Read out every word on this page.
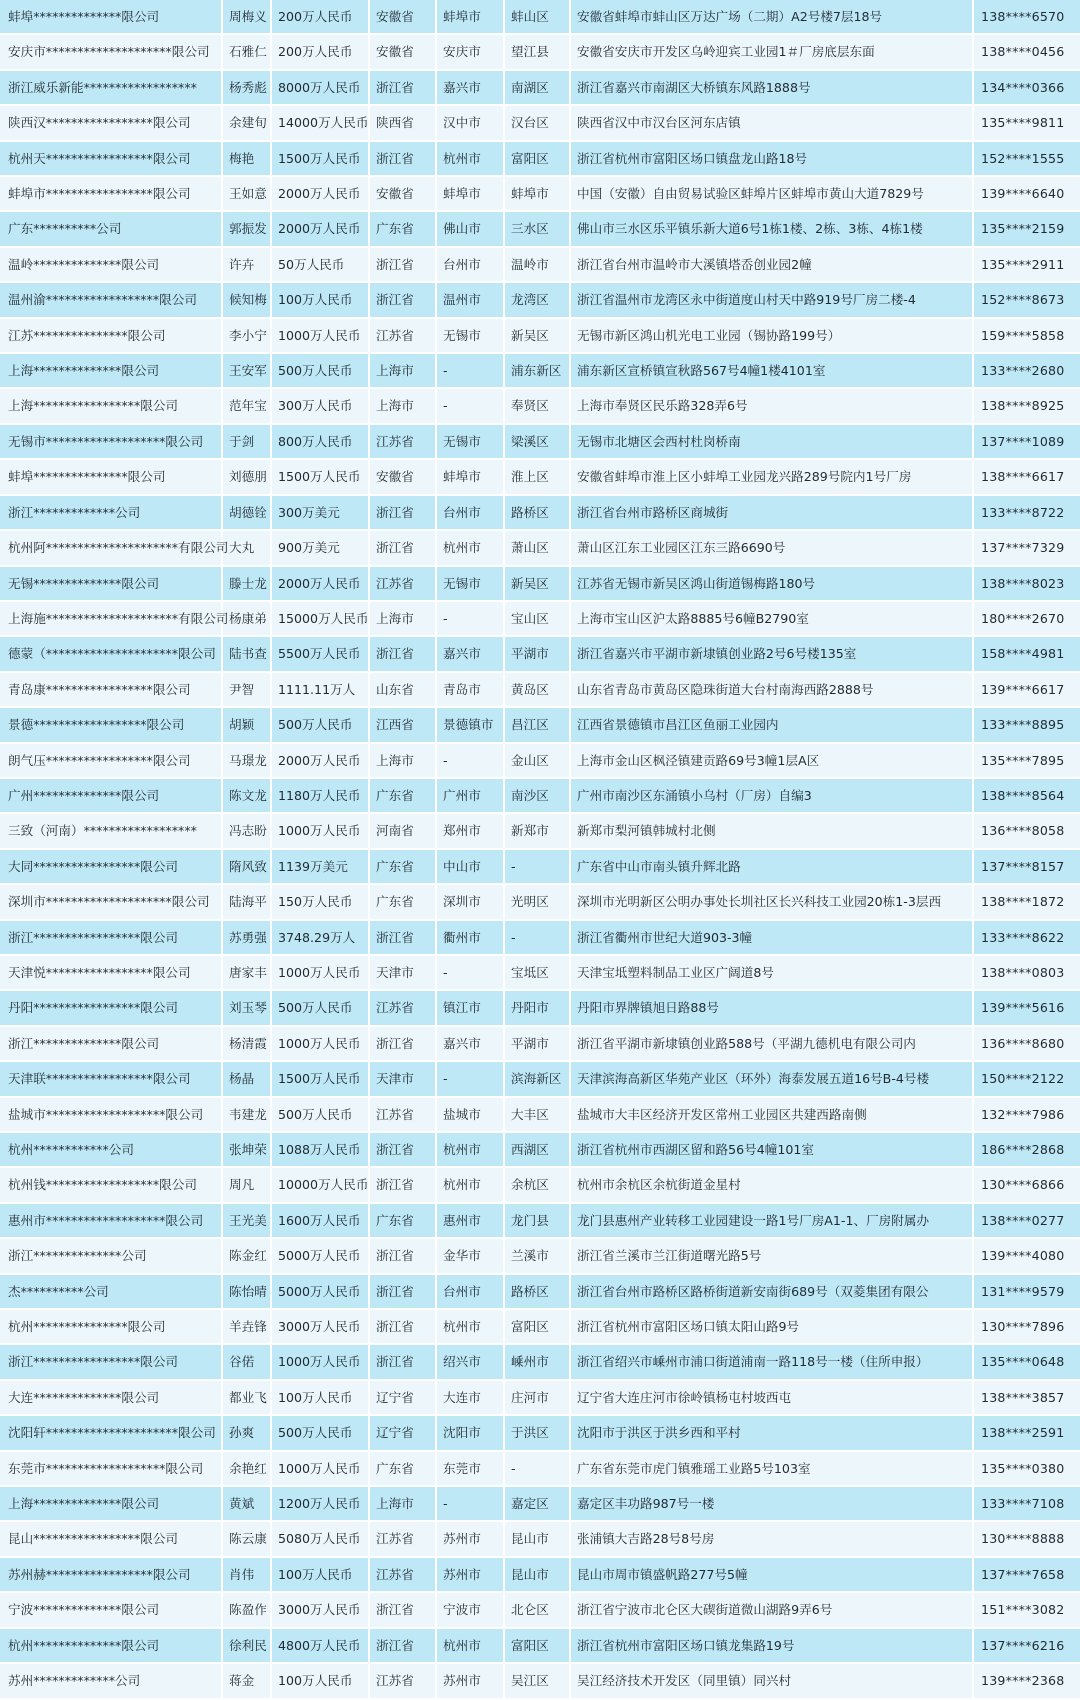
蚌埠**************限公司	周梅义	200万人民币	安徽省	蚌埠市	蚌山区	安徽省蚌埠市蚌山区万达广场（二期）A2号楼7层18号	138****6570
安庆市********************限公司	石雅仁	200万人民币	安徽省	安庆市	望江县	安徽省安庆市开发区乌岭迎宾工业园1＃厂房底层东面	138****0456
浙江威乐新能******************	杨秀彪	8000万人民币	浙江省	嘉兴市	南湖区	浙江省嘉兴市南湖区大桥镇东风路1888号	134****0366
陕西汉*****************限公司	余建旬	14000万人民币	陕西省	汉中市	汉台区	陕西省汉中市汉台区河东店镇	135****9811
杭州天*****************限公司	梅艳	1500万人民币	浙江省	杭州市	富阳区	浙江省杭州市富阳区场口镇盘龙山路18号	152****1555
蚌埠市*****************限公司	王如意	2000万人民币	安徽省	蚌埠市	蚌埠市	中国（安徽）自由贸易试验区蚌埠片区蚌埠市黄山大道7829号	139****6640
广东**********公司	郭振发	2000万人民币	广东省	佛山市	三水区	佛山市三水区乐平镇乐新大道6号1栋1楼、2栋、3栋、4栋1楼	135****2159
温岭**************限公司	许卉	50万人民币	浙江省	台州市	温岭市	浙江省台州市温岭市大溪镇塔岙创业园2幢	135****2911
温州渝******************限公司	候知梅	100万人民币	浙江省	温州市	龙湾区	浙江省温州市龙湾区永中街道度山村天中路919号厂房二楼-4	152****8673
江苏***************限公司	李小宁	1000万人民币	江苏省	无锡市	新吴区	无锡市新区鸿山机光电工业园（锡协路199号）	159****5858
上海**************限公司	王安军	500万人民币	上海市	-	浦东新区	浦东新区宣桥镇宣秋路567号4幢1楼4101室	133****2680
上海*****************限公司	范年宝	300万人民币	上海市	-	奉贤区	上海市奉贤区民乐路328弄6号	138****8925
无锡市*******************限公司	于剑	800万人民币	江苏省	无锡市	梁溪区	无锡市北塘区会西村杜岗桥南	137****1089
蚌埠***************限公司	刘德朋	1500万人民币	安徽省	蚌埠市	淮上区	安徽省蚌埠市淮上区小蚌埠工业园龙兴路289号院内1号厂房	138****6617
浙江*************公司	胡德铨	300万美元	浙江省	台州市	路桥区	浙江省台州市路桥区商城街	133****8722
杭州阿*********************有限公司	大丸	900万美元	浙江省	杭州市	萧山区	萧山区江东工业园区江东三路6690号	137****7329
无锡**************限公司	滕士龙	2000万人民币	江苏省	无锡市	新吴区	江苏省无锡市新吴区鸿山街道锡梅路180号	138****8023
上海施*********************有限公司	杨康弟	15000万人民币	上海市	-	宝山区	上海市宝山区沪太路8885号6幢B2790室	180****2670
德蒙（*********************限公司	陆书查	5500万人民币	浙江省	嘉兴市	平湖市	浙江省嘉兴市平湖市新埭镇创业路2号6号楼135室	158****4981
青岛康*****************限公司	尹智	1111.11万人	山东省	青岛市	黄岛区	山东省青岛市黄岛区隐珠街道大台村南海西路2888号	139****6617
景德******************限公司	胡颖	500万人民币	江西省	景德镇市	昌江区	江西省景德镇市昌江区鱼丽工业园内	133****8895
朗气压*****************限公司	马璟龙	2000万人民币	上海市	-	金山区	上海市金山区枫泾镇建贡路69号3幢1层A区	135****7895
广州**************限公司	陈文龙	1180万人民币	广东省	广州市	南沙区	广州市南沙区东涌镇小乌村（厂房）自编3	138****8564
三致（河南）******************	冯志盼	1000万人民币	河南省	郑州市	新郑市	新郑市梨河镇韩城村北侧	136****8058
大同*****************限公司	隋风致	1139万美元	广东省	中山市	-	广东省中山市南头镇升辉北路	137****8157
深圳市********************限公司	陆海平	150万人民币	广东省	深圳市	光明区	深圳市光明新区公明办事处长圳社区长兴科技工业园20栋1-3层西	138****1872
浙江*****************限公司	苏勇强	3748.29万人	浙江省	衢州市	-	浙江省衢州市世纪大道903-3幢	133****8622
天津悦*****************限公司	唐家丰	1000万人民币	天津市	-	宝坻区	天津宝坻塑料制品工业区广阔道8号	138****0803
丹阳*****************限公司	刘玉琴	500万人民币	江苏省	镇江市	丹阳市	丹阳市界牌镇旭日路88号	139****5616
浙江**************限公司	杨清霞	1000万人民币	浙江省	嘉兴市	平湖市	浙江省平湖市新埭镇创业路588号（平湖九德机电有限公司内	136****8680
天津联*****************限公司	杨晶	1500万人民币	天津市	-	滨海新区	天津滨海高新区华苑产业区（环外）海泰发展五道16号B-4号楼	150****2122
盐城市*******************限公司	韦建龙	500万人民币	江苏省	盐城市	大丰区	盐城市大丰区经济开发区常州工业园区共建西路南侧	132****7986
杭州************公司	张坤荣	1088万人民币	浙江省	杭州市	西湖区	浙江省杭州市西湖区留和路56号4幢101室	186****2868
杭州钱******************限公司	周凡	10000万人民币	浙江省	杭州市	余杭区	杭州市余杭区余杭街道金星村	130****6866
惠州市*******************限公司	王光美	1600万人民币	广东省	惠州市	龙门县	龙门县惠州产业转移工业园建设一路1号厂房A1-1、厂房附属办	138****0277
浙江**************公司	陈金红	5000万人民币	浙江省	金华市	兰溪市	浙江省兰溪市兰江街道曙光路5号	139****4080
杰**********公司	陈怡晴	5000万人民币	浙江省	台州市	路桥区	浙江省台州市路桥区路桥街道新安南街689号（双菱集团有限公	131****9579
杭州***************限公司	羊垚锋	3000万人民币	浙江省	杭州市	富阳区	浙江省杭州市富阳区场口镇太阳山路9号	130****7896
浙江*****************限公司	谷偌	1000万人民币	浙江省	绍兴市	嵊州市	浙江省绍兴市嵊州市浦口街道浦南一路118号一楼（住所申报）	135****0648
大连**************限公司	都业飞	100万人民币	辽宁省	大连市	庄河市	辽宁省大连庄河市徐岭镇杨屯村坡西屯	138****3857
沈阳轩*********************限公司	孙爽	500万人民币	辽宁省	沈阳市	于洪区	沈阳市于洪区于洪乡西和平村	138****2591
东莞市*******************限公司	余艳红	1000万人民币	广东省	东莞市	-	广东省东莞市虎门镇雅瑶工业路5号103室	135****0380
上海**************限公司	黄斌	1200万人民币	上海市	-	嘉定区	嘉定区丰功路987号一楼	133****7108
昆山*****************限公司	陈云康	5080万人民币	江苏省	苏州市	昆山市	张浦镇大吉路28号8号房	130****8888
苏州赫*****************限公司	肖伟	100万人民币	江苏省	苏州市	昆山市	昆山市周市镇盛帆路277号5幢	137****7658
宁波**************限公司	陈盈作	3000万人民币	浙江省	宁波市	北仑区	浙江省宁波市北仑区大碶街道微山湖路9弄6号	151****3082
杭州**************限公司	徐利民	4800万人民币	浙江省	杭州市	富阳区	浙江省杭州市富阳区场口镇龙集路19号	137****6216
苏州*************公司	蒋金	100万人民币	江苏省	苏州市	吴江区	吴江经济技术开发区（同里镇）同兴村	139****2368
